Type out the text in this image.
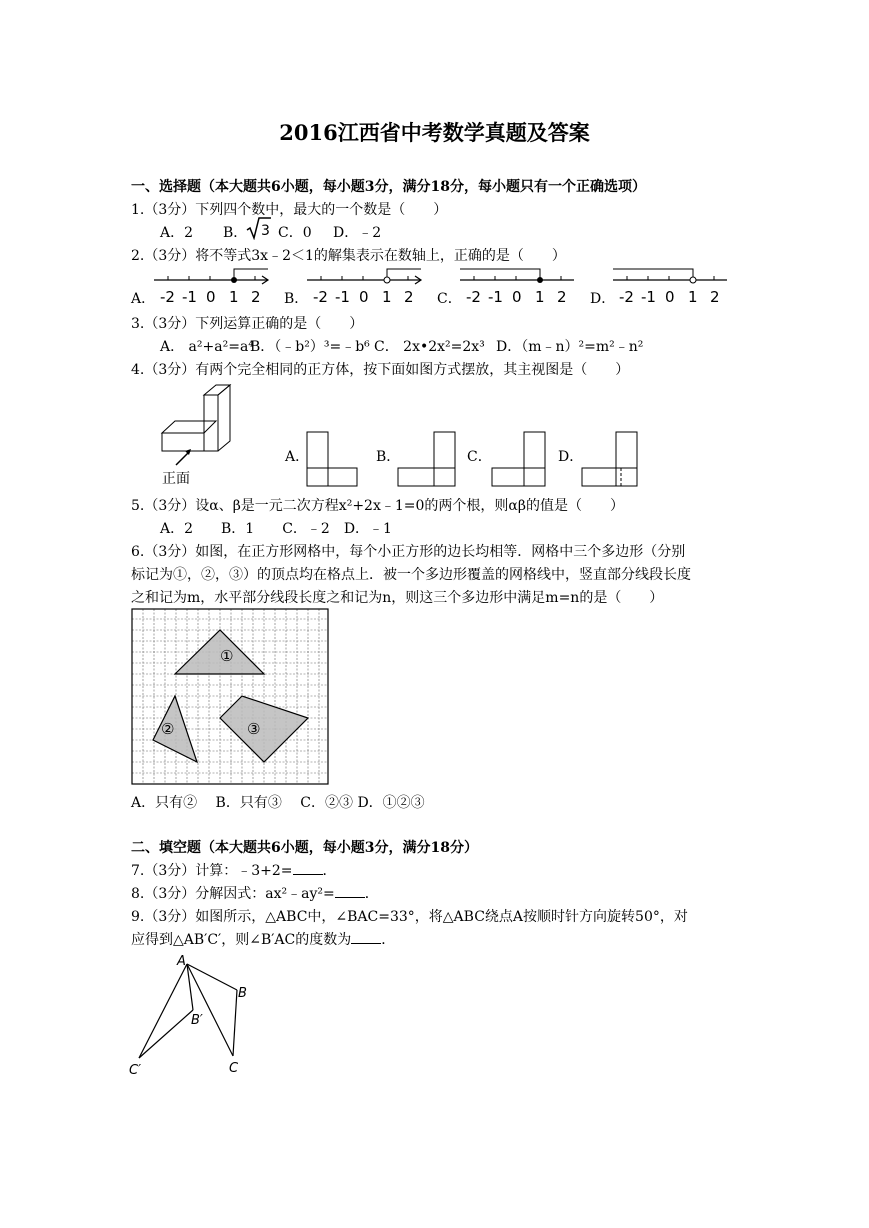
2016江西省中考数学真题及答案
一、选择题（本大题共6小题，每小题3分，满分18分，每小题只有一个正确选项）
1.（3分）下列四个数中，最大的一个数是（　　）
A．2 B． 3 C．0 D．﹣2
2.（3分）将不等式3x﹣2＜1的解集表示在数轴上，正确的是（　　）
A．	B．	C．	D．
-2 -1 0 1 2	-2 -1 0 1 2	-2 -1 0 1 2	-2 -1 0 1 2
3.（3分）下列运算正确的是（　　）
A． a²+a²=a⁴
B．（﹣b²）³=﹣b⁶ C． 2x•2x²=2x³ D．（m﹣n）²=m²﹣n²
4.（3分）有两个完全相同的正方体，按下面如图方式摆放，其主视图是（　　）
正面
A．	B．	C．	D．
5.（3分）设α、β是一元二次方程x²+2x﹣1=0的两个根，则αβ的值是（　　）
A．2　　B．1　　C．﹣2　D．﹣1
6.（3分）如图，在正方形网格中，每个小正方形的边长均相等．网格中三个多边形（分别
标记为①，②，③）的顶点均在格点上．被一个多边形覆盖的网格线中，竖直部分线段长度
之和记为m，水平部分线段长度之和记为n，则这三个多边形中满足m=n的是（　　）
①
②	③
A．只有②　 B．只有③　 C．②③ D．①②③
二、填空题（本大题共6小题，每小题3分，满分18分）
7.（3分）计算：﹣3+2= ．
8.（3分）分解因式：ax²﹣ay²= ．
9.（3分）如图所示，△ABC中，∠BAC=33°，将△ABC绕点A按顺时针方向旋转50°，对
应得到△AB′C′，则∠B′AC的度数为 ．
A
B
B′
C′	C
